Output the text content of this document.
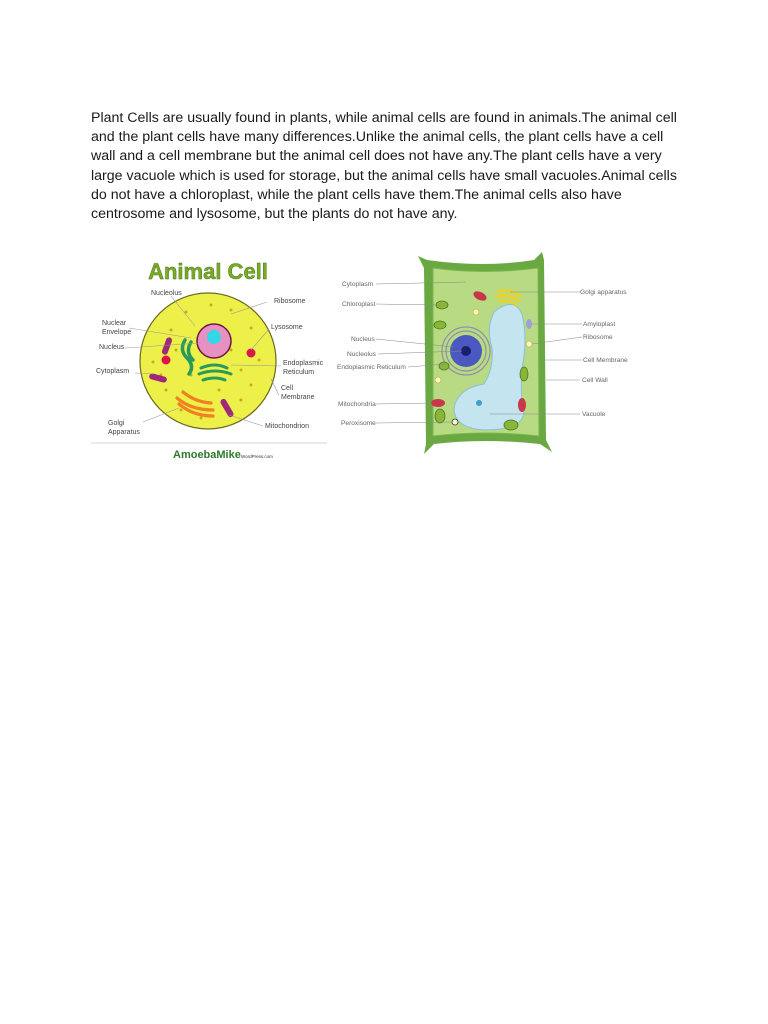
Plant Cells are usually found in plants, while animal cells are found in animals.The animal cell and the plant cells have many differences.Unlike the animal cells, the plant cells have a cell wall and a cell membrane but the animal cell does not have any.The plant cells have a very large vacuole which is used for storage, but the animal cells have small vacuoles.Animal cells do not have a chloroplast, while the plant cells have them.The animal cells also have centrosome and lysosome, but the plants do not have any.

Animal Cell
Nucleolus
Ribosome
Nuclear
Envelope
Lysosome
Nucleus
Endoplasmic
Reticulum
Cytoplasm
Cell
Membrane
Golgi
Apparatus
Mitochondrion
AmoebaMike WordPress.com
Cytoplasm
Chloroplast
Nucleus
Nucleolus
Endoplasmic Reticulum
Mitochondria
Peroxisome
Golgi apparatus
Amyloplast
Ribosome
Cell Membrane
Cell Wall
Vacuole
